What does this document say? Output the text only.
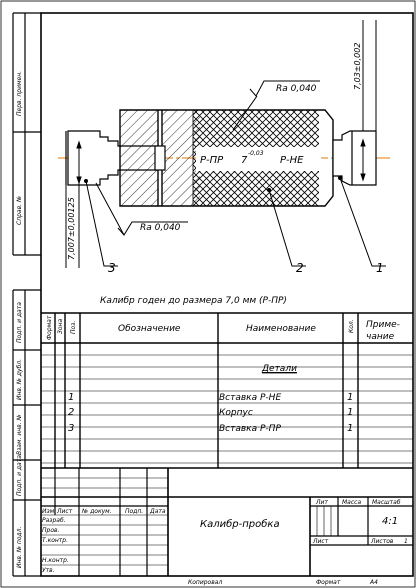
Перв. примен.
Справ. №
Подп. и дата
Инв. № дубл.
Взам. инв. №
Подп. и дата
Инв. № подл.
Р-ПР 7
-0,03
Р-НЕ
7,03±0,002
7,007±0,00125
Ra 0,040
Ra 0,040
1
2
3
Калибр годен до размера 7,0 мм (Р-ПР)
Формат Зона Поз.	Обозначение	Наименование	Кол. Приме-
чание
Детали
1	Вставка Р-НЕ	1
2	Корпус	1
3	Вставка Р-ПР	1
Изм Лист № докум. Подп. Дата
Разраб.
Пров.
Т.контр.
Н.контр.
Утв.
Калибр-пробка
Лит Масса Масштаб
4:1
Лист	Листов 1
Копировал	Формат	А4
